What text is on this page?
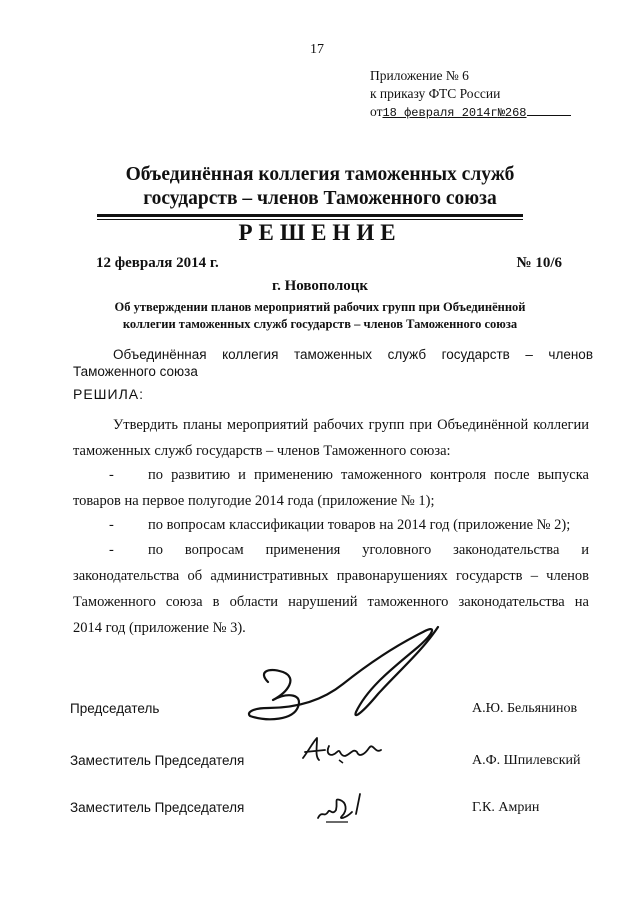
17
Приложение № 6
к приказу ФТС России
от18 февраля 2014г№268
Объединённая коллегия таможенных служб
государств – членов Таможенного союза
РЕШЕНИЕ
12 февраля 2014 г.	№ 10/6
г. Новополоцк
Об утверждении планов мероприятий рабочих групп при Объединённой
коллегии таможенных служб государств – членов Таможенного союза
Объединённая коллегия таможенных служб государств – членов
Таможенного союза
РЕШИЛА:
Утвердить планы мероприятий рабочих групп при Объединённой коллегии
таможенных служб государств – членов Таможенного союза:
- по развитию и применению таможенного контроля после выпуска
товаров на первое полугодие 2014 года (приложение № 1);
- по вопросам классификации товаров на 2014 год (приложение № 2);
- по вопросам применения уголовного законодательства и
законодательства об административных правонарушениях государств – членов
Таможенного союза в области нарушений таможенного законодательства на
2014 год (приложение № 3).
Председатель	А.Ю. Бельянинов
Заместитель Председателя	А.Ф. Шпилевский
Заместитель Председателя	Г.К. Амрин
